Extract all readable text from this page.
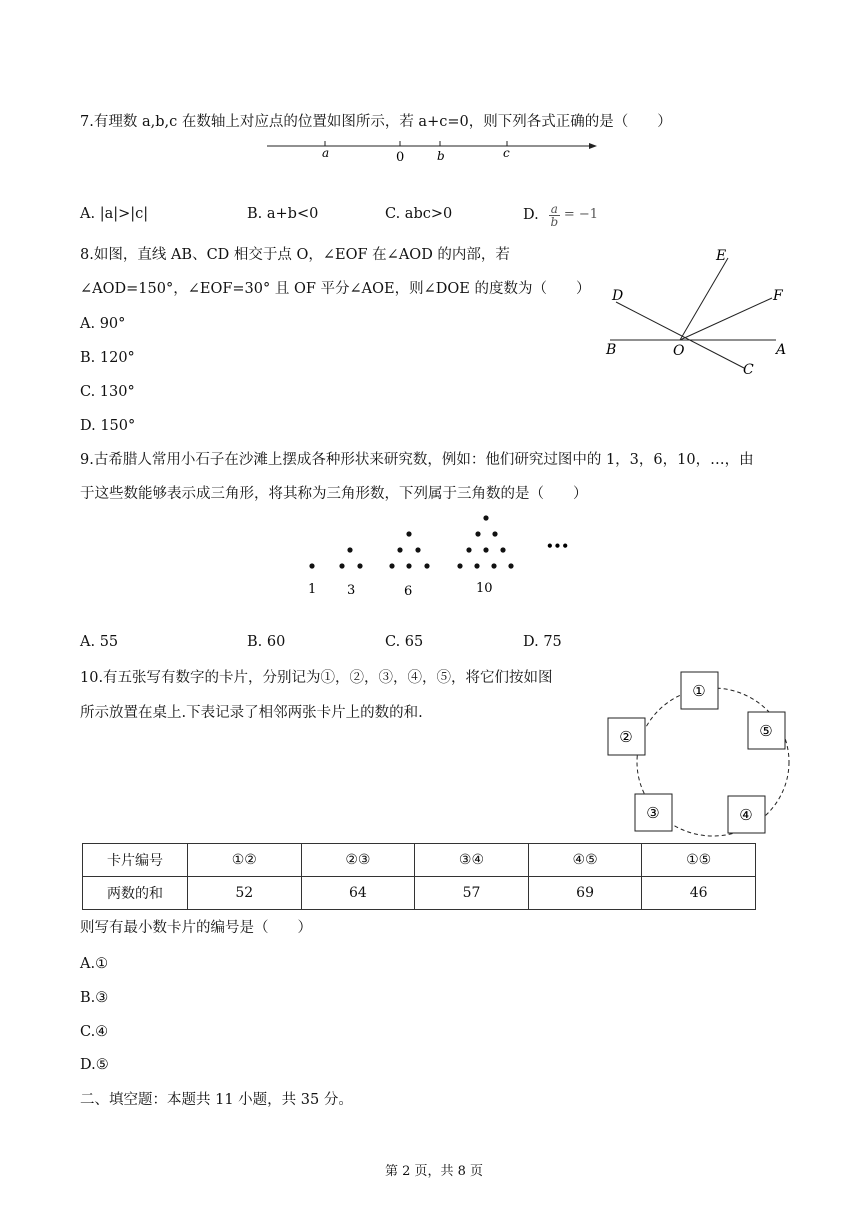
7.有理数 a,b,c 在数轴上对应点的位置如图所示，若 a+c=0，则下列各式正确的是（　　）
a	0	b	c
A. |a|>|c|	B. a+b<0	C. abc>0	D. $\frac{a}{b} = -1$
8.如图，直线 AB、CD 相交于点 O，∠EOF 在∠AOD 的内部，若
∠AOD=150°，∠EOF=30° 且 OF 平分∠AOE，则∠DOE 的度数为（　　）
A. 90°
B. 120°
C. 130°
D. 150°
E
F
D
B	O	A
C
9.古希腊人常用小石子在沙滩上摆成各种形状来研究数，例如：他们研究过图中的 1，3，6，10，…，由
于这些数能够表示成三角形，将其称为三角形数，下列属于三角数的是（　　）
•••
1 3	6	10
A. 55	B. 60	C. 65	D. 75
10.有五张写有数字的卡片，分别记为①，②，③，④，⑤，将它们按如图
所示放置在桌上.下表记录了相邻两张卡片上的数的和.
①
②	⑤
③	④
卡片编号	①②	②③	③④	④⑤	①⑤
两数的和	52	64	57	69	46
则写有最小数卡片的编号是（　　）
A.①
B.③
C.④
D.⑤
二、填空题：本题共 11 小题，共 35 分。
第 2 页，共 8 页
